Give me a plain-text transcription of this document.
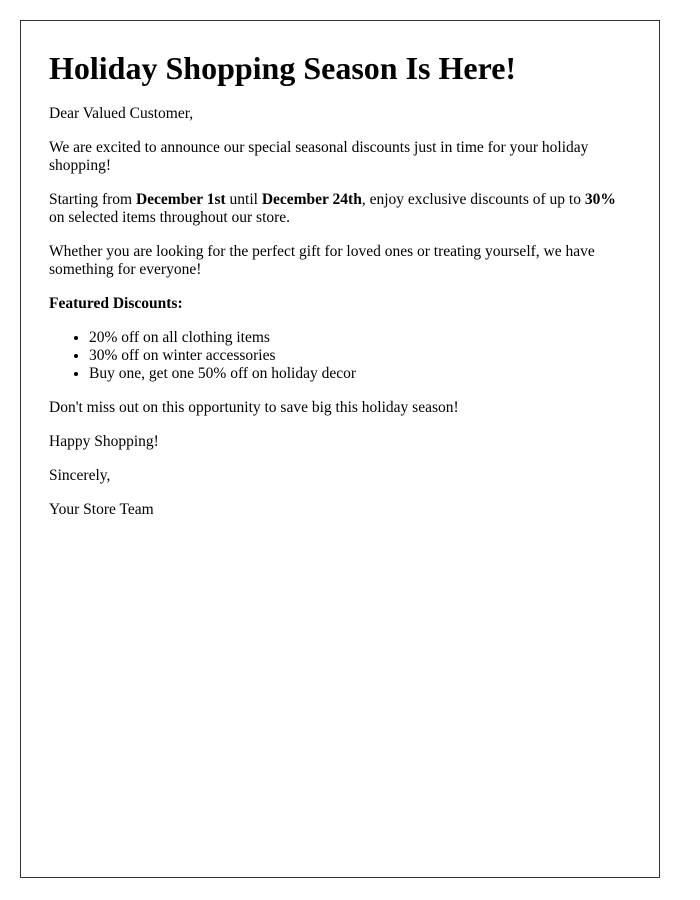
Holiday Shopping Season Is Here!

Dear Valued Customer,

We are excited to announce our special seasonal discounts just in time for your holiday shopping!

Starting from December 1st until December 24th, enjoy exclusive discounts of up to 30% on selected items throughout our store.

Whether you are looking for the perfect gift for loved ones or treating yourself, we have something for everyone!

Featured Discounts:

• 20% off on all clothing items
• 30% off on winter accessories
• Buy one, get one 50% off on holiday decor

Don't miss out on this opportunity to save big this holiday season!

Happy Shopping!

Sincerely,

Your Store Team
